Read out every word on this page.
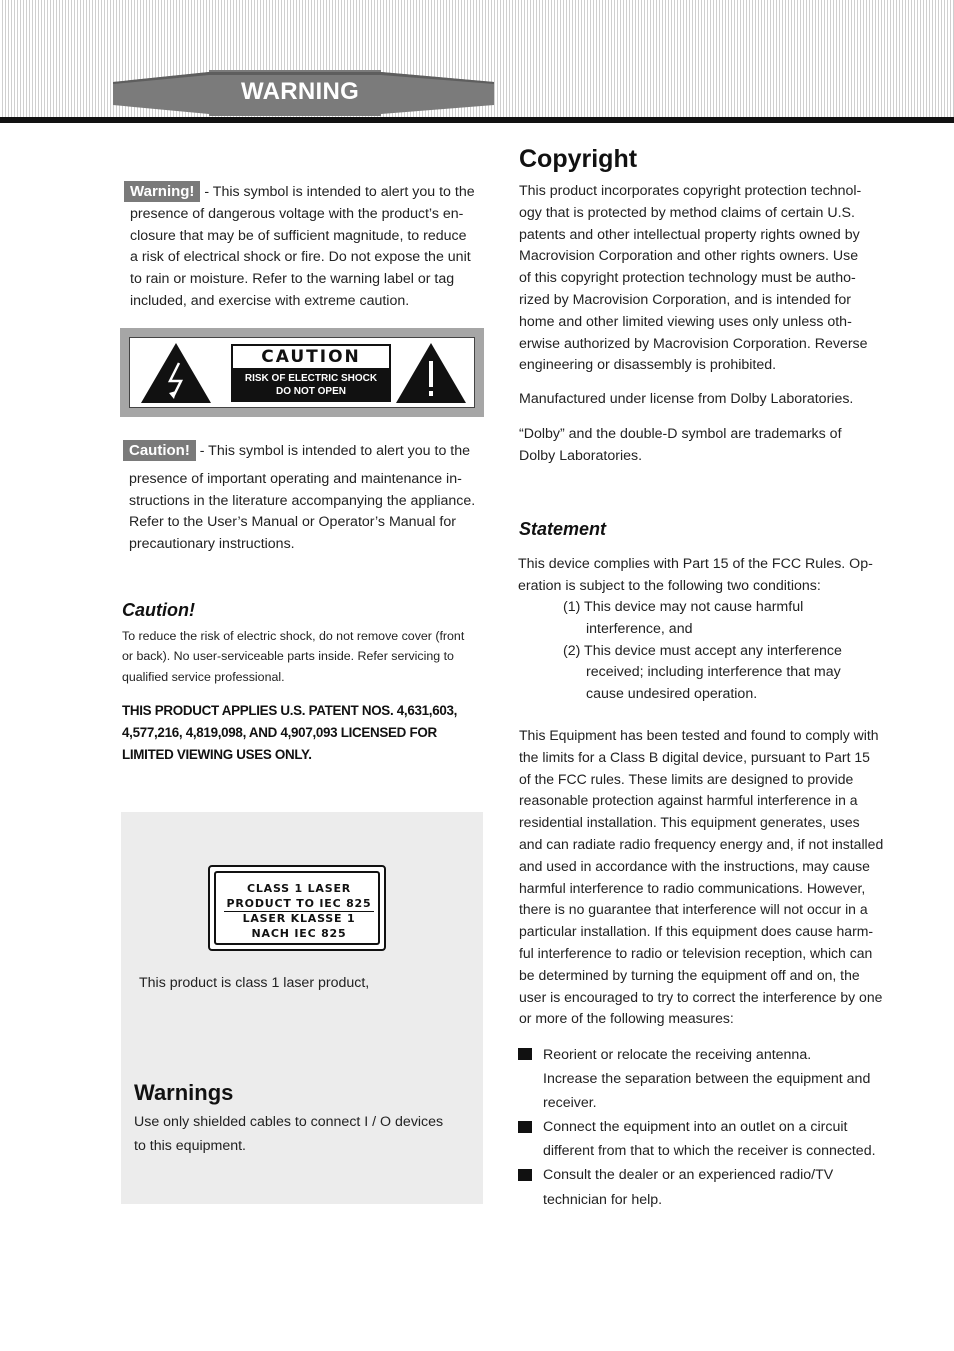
WARNING
Warning! - This symbol is intended to alert you to the
presence of dangerous voltage with the product’s en-
closure that may be of sufficient magnitude, to reduce
a risk of electrical shock or fire. Do not expose the unit
to rain or moisture. Refer to the warning label or tag
included, and exercise with extreme caution.
CAUTION
RISK OF ELECTRIC SHOCK
DO NOT OPEN
Caution! - This symbol is intended to alert you to the
presence of important operating and maintenance in-
structions in the literature accompanying the appliance.
Refer to the User’s Manual or Operator’s Manual for
precautionary instructions.
Caution!
To reduce the risk of electric shock, do not remove cover (front
or back). No user-serviceable parts inside. Refer servicing to
qualified service professional.
THIS PRODUCT APPLIES U.S. PATENT NOS. 4,631,603,
4,577,216, 4,819,098, AND 4,907,093 LICENSED FOR
LIMITED VIEWING USES ONLY.
CLASS 1 LASER
PRODUCT TO IEC 825
LASER KLASSE 1
NACH IEC 825
This product is class 1 laser product,
Warnings
Use only shielded cables to connect I / O devices
to this equipment.
Copyright
This product incorporates copyright protection technol-
ogy that is protected by method claims of certain U.S.
patents and other intellectual property rights owned by
Macrovision Corporation and other rights owners. Use
of this copyright protection technology must be autho-
rized by Macrovision Corporation, and is intended for
home and other limited viewing uses only unless oth-
erwise authorized by Macrovision Corporation. Reverse
engineering or disassembly is prohibited.
Manufactured under license from Dolby Laboratories.
“Dolby” and the double-D symbol are trademarks of
Dolby Laboratories.
Statement
This device complies with Part 15 of the FCC Rules. Op-
eration is subject to the following two conditions:
(1) This device may not cause harmful
interference, and
(2) This device must accept any interference
received; including interference that may
cause undesired operation.
This Equipment has been tested and found to comply with
the limits for a Class B digital device, pursuant to Part 15
of the FCC rules. These limits are designed to provide
reasonable protection against harmful interference in a
residential installation. This equipment generates, uses
and can radiate radio frequency energy and, if not installed
and used in accordance with the instructions, may cause
harmful interference to radio communications. However,
there is no guarantee that interference will not occur in a
particular installation. If this equipment does cause harm-
ful interference to radio or television reception, which can
be determined by turning the equipment off and on, the
user is encouraged to try to correct the interference by one
or more of the following measures:
Reorient or relocate the receiving antenna.
Increase the separation between the equipment and
receiver.
Connect the equipment into an outlet on a circuit
different from that to which the receiver is connected.
Consult the dealer or an experienced radio/TV
technician for help.
